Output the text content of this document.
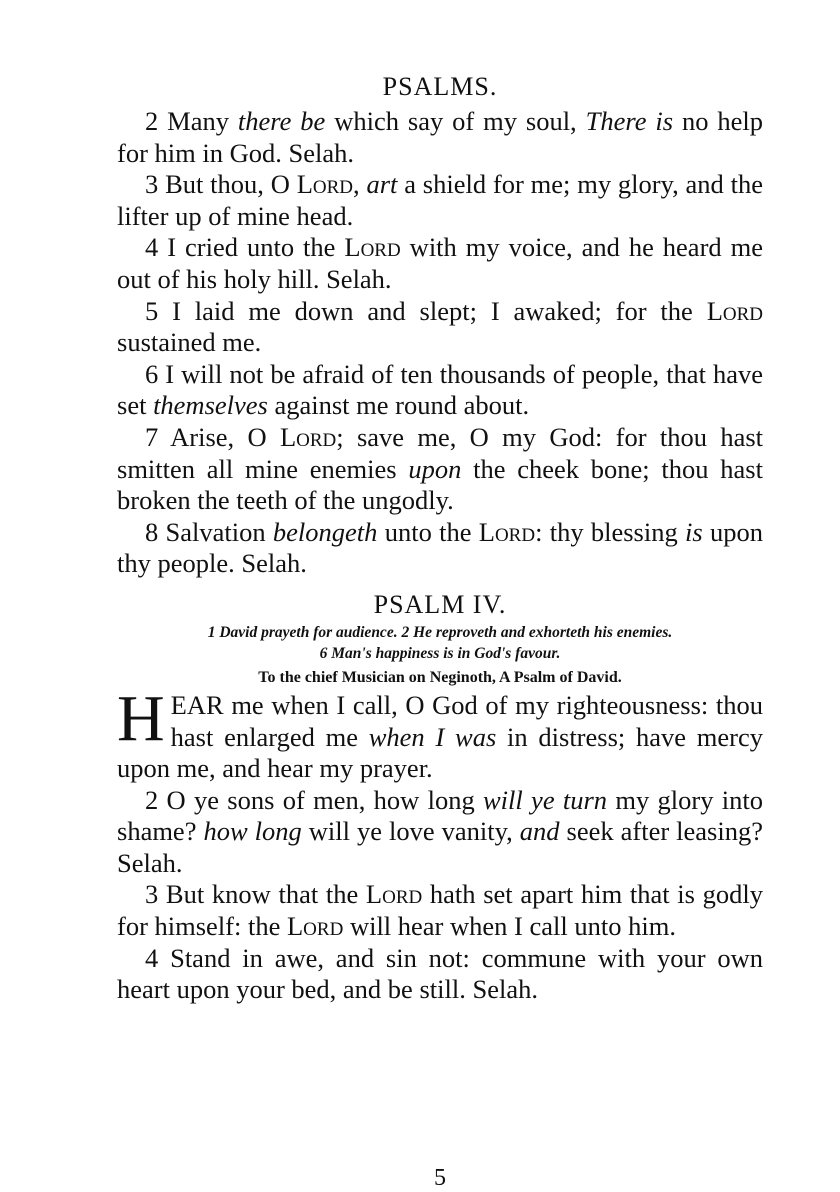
PSALMS.

2 Many there be which say of my soul, There is no help for him in God. Selah.

3 But thou, O Lord, art a shield for me; my glory, and the lifter up of mine head.

4 I cried unto the Lord with my voice, and he heard me out of his holy hill. Selah.

5 I laid me down and slept; I awaked; for the Lord sustained me.

6 I will not be afraid of ten thousands of people, that have set themselves against me round about.

7 Arise, O Lord; save me, O my God: for thou hast smitten all mine enemies upon the cheek bone; thou hast broken the teeth of the ungodly.

8 Salvation belongeth unto the Lord: thy blessing is upon thy people. Selah.

PSALM IV.

1 David prayeth for audience. 2 He reproveth and exhorteth his enemies.

6 Man's happiness is in God's favour.

To the chief Musician on Neginoth, A Psalm of David.

HEAR me when I call, O God of my righteousness: thou hast enlarged me when I was in distress; have mercy upon me, and hear my prayer.

2 O ye sons of men, how long will ye turn my glory into shame? how long will ye love vanity, and seek after leasing? Selah.

3 But know that the Lord hath set apart him that is godly for himself: the Lord will hear when I call unto him.

4 Stand in awe, and sin not: commune with your own heart upon your bed, and be still. Selah.

5
